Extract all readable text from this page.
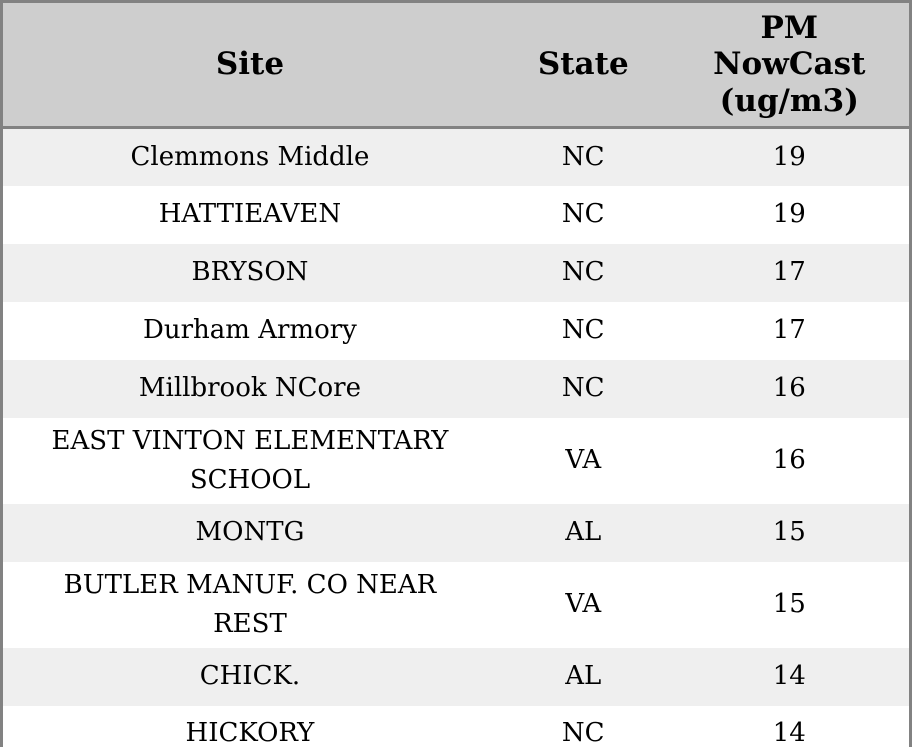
Site	State	PM NowCast (ug/m3)
Clemmons Middle	NC	19
HATTIEAVEN	NC	19
BRYSON	NC	17
Durham Armory	NC	17
Millbrook NCore	NC	16
EAST VINTON ELEMENTARY SCHOOL	VA	16
MONTG	AL	15
BUTLER MANUF. CO NEAR REST	VA	15
CHICK.	AL	14
HICKORY	NC	14
